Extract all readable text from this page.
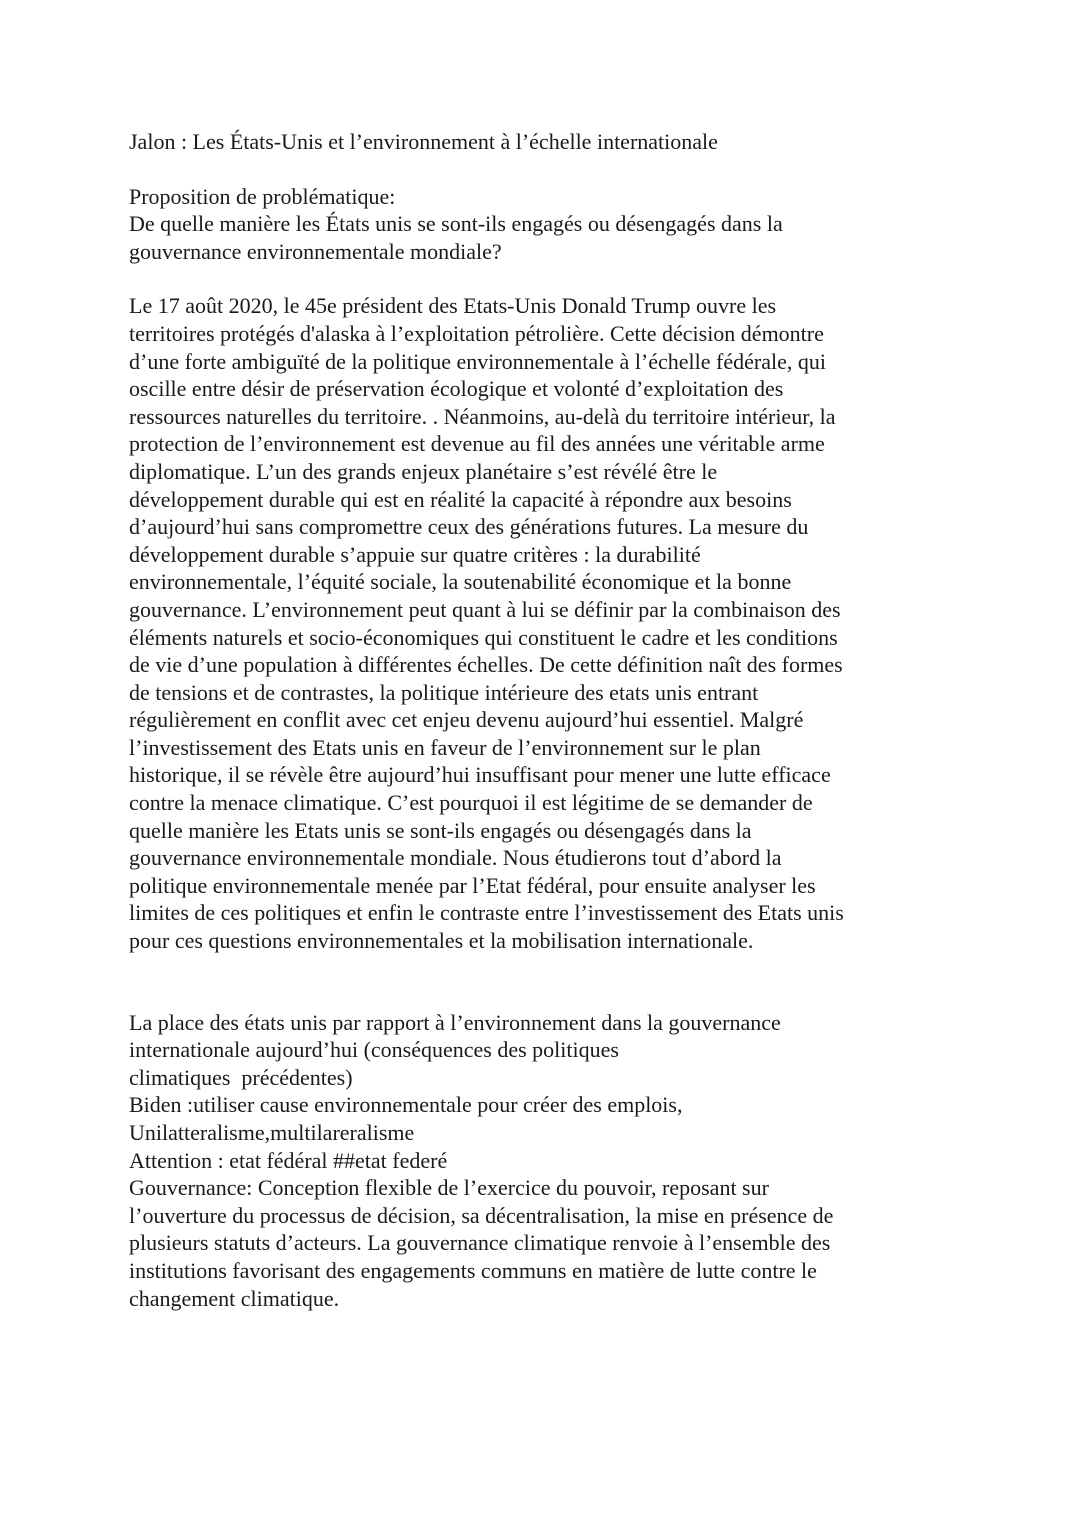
Jalon : Les États-Unis et l’environnement à l’échelle internationale
Proposition de problématique:
De quelle manière les États unis se sont-ils engagés ou désengagés dans la
gouvernance environnementale mondiale?
Le 17 août 2020, le 45e président des Etats-Unis Donald Trump ouvre les
territoires protégés d'alaska à l’exploitation pétrolière. Cette décision démontre
d’une forte ambiguïté de la politique environnementale à l’échelle fédérale, qui
oscille entre désir de préservation écologique et volonté d’exploitation des
ressources naturelles du territoire. . Néanmoins, au-delà du territoire intérieur, la
protection de l’environnement est devenue au fil des années une véritable arme
diplomatique. L’un des grands enjeux planétaire s’est révélé être le
développement durable qui est en réalité la capacité à répondre aux besoins
d’aujourd’hui sans compromettre ceux des générations futures. La mesure du
développement durable s’appuie sur quatre critères : la durabilité
environnementale, l’équité sociale, la soutenabilité économique et la bonne
gouvernance. L’environnement peut quant à lui se définir par la combinaison des
éléments naturels et socio-économiques qui constituent le cadre et les conditions
de vie d’une population à différentes échelles. De cette définition naît des formes
de tensions et de contrastes, la politique intérieure des etats unis entrant
régulièrement en conflit avec cet enjeu devenu aujourd’hui essentiel. Malgré
l’investissement des Etats unis en faveur de l’environnement sur le plan
historique, il se révèle être aujourd’hui insuffisant pour mener une lutte efficace
contre la menace climatique. C’est pourquoi il est légitime de se demander de
quelle manière les Etats unis se sont-ils engagés ou désengagés dans la
gouvernance environnementale mondiale. Nous étudierons tout d’abord la
politique environnementale menée par l’Etat fédéral, pour ensuite analyser les
limites de ces politiques et enfin le contraste entre l’investissement des Etats unis
pour ces questions environnementales et la mobilisation internationale.
La place des états unis par rapport à l’environnement dans la gouvernance
internationale aujourd’hui (conséquences des politiques
climatiques  précédentes)
Biden :utiliser cause environnementale pour créer des emplois,
Unilatteralisme,multilareralisme
Attention : etat fédéral ##etat federé
Gouvernance: Conception flexible de l’exercice du pouvoir, reposant sur
l’ouverture du processus de décision, sa décentralisation, la mise en présence de
plusieurs statuts d’acteurs. La gouvernance climatique renvoie à l’ensemble des
institutions favorisant des engagements communs en matière de lutte contre le
changement climatique.
